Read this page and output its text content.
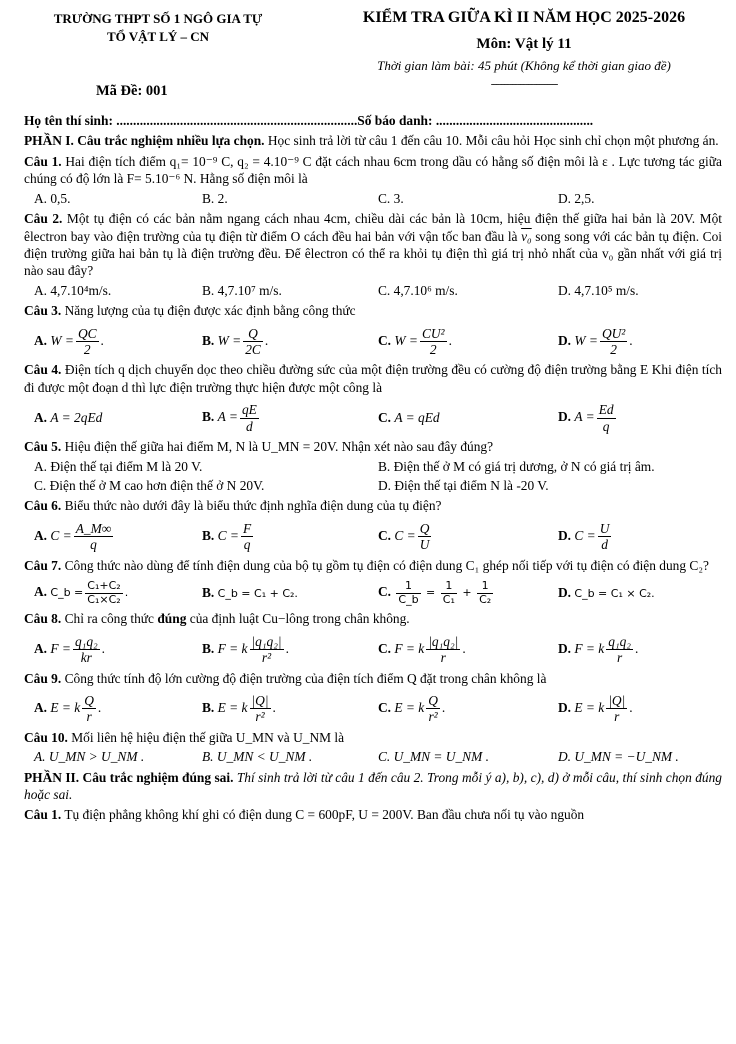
TRƯỜNG THPT SỐ 1 NGÔ GIA TỰ
TỔ VẬT LÝ – CN
Mã Đề: 001
KIỂM TRA GIỮA KÌ II NĂM HỌC 2025-2026
Môn: Vật lý 11
Thời gian làm bài: 45 phút (Không kể thời gian giao đề)
-------------------------
Họ tên thí sinh: ........................................................................Số báo danh: ...............................................

PHẦN I. Câu trắc nghiệm nhiều lựa chọn. Học sinh trả lời từ câu 1 đến câu 10. Mỗi câu hỏi Học sinh chỉ chọn một phương án.

Câu 1. Hai điện tích điểm q₁= 10⁻⁹ C, q₂ = 4.10⁻⁹ C đặt cách nhau 6cm trong dầu có hằng số điện môi là ε . Lực tương tác giữa chúng có độ lớn là F= 5.10⁻⁶ N. Hằng số điện môi là

A. 0,5.	B. 2.	C. 3.	D. 2,5.

Câu 2. Một tụ điện có các bản nằm ngang cách nhau 4cm, chiều dài các bản là 10cm, hiệu điện thế giữa hai bản là 20V. Một êlectron bay vào điện trường của tụ điện từ điểm O cách đều hai bản với vận tốc ban đầu là v₀ song song với các bản tụ điện. Coi điện trường giữa hai bản tụ là điện trường đều. Để êlectron có thể ra khỏi tụ điện thì giá trị nhỏ nhất của v₀ gần nhất với giá trị nào sau đây?

A. 4,7.10⁴m/s.	B. 4,7.10⁷ m/s.	C. 4,7.10⁶ m/s.	D. 4,7.10⁵ m/s.

Câu 3. Năng lượng của tụ điện được xác định bằng công thức

A. $W = \frac{QC}{2}$ .	B. $W = \frac{Q}{2C}$ .	C. $W = \frac{\text{CU²}}{2}$ .	D. $W = \frac{\text{QU²}}{2}$ .

Câu 4. Điện tích q dịch chuyển dọc theo chiều đường sức của một điện trường đều có cường độ điện trường bằng E Khi điện tích đi được một đoạn d thì lực điện trường thực hiện được một công là

A. A = 2qEd	B. $A = \frac{qE}{d}$	C. A = qEd	D. $A = \frac{Ed}{q}$

Câu 5. Hiệu điện thế giữa hai điểm M, N là U_MN = 20V. Nhận xét nào sau đây đúng?

A. Điện thế tại điểm M là 20 V.	B. Điện thế ở M có giá trị dương, ở N có giá trị âm.
C. Điện thế ở M cao hơn điện thế ở N 20V.	D. Điện thế tại điểm N là -20 V.

Câu 6. Biểu thức nào dưới đây là biểu thức định nghĩa điện dung của tụ điện?

A. $C = \frac{A\_M\infty}{q}$	B. $C = \frac{F}{q}$	C. $C = \frac{Q}{U}$	D. $C = \frac{U}{d}$

Câu 7. Công thức nào dùng để tính điện dung của bộ tụ gồm tụ điện có điện dung C₁ ghép nối tiếp với tụ điện có điện dung C₂?

A. C_b = $\frac{\text{C₁+C₂}}{\text{C₁×C₂}}$ .	B. C_b = C₁ + C₂.	C. $\frac{1}{C\_b} = \frac{1}{\text{C₁}} + \frac{1}{\text{C₂}}$	D. C_b = C₁ × C₂.

Câu 8. Chỉ ra công thức đúng của định luật Cu−lông trong chân không.

A. $F = \frac{\text{q₁q₂}}{kr}$ .	B. F = k $\frac{\text{|q₁q₂|}}{\text{r²}}$ .	C. F = k $\frac{\text{|q₁q₂|}}{r}$ .	D. F = k $\frac{\text{q₁q₂}}{r}$ .

Câu 9. Công thức tính độ lớn cường độ điện trường của điện tích điểm Q đặt trong chân không là

A. E = k $\frac{Q}{r}$ .	B. E = k $\frac{|Q|}{\text{r²}}$ .	C. E = k $\frac{Q}{\text{r²}}$ .	D. E = k $\frac{|Q|}{r}$ .

Câu 10. Mối liên hệ hiệu điện thế giữa U_MN và U_NM là

A. U_MN > U_NM .	B. U_MN < U_NM .	C. U_MN = U_NM .	D. U_MN = −U_NM .

PHẦN II. Câu trắc nghiệm đúng sai. Thí sinh trả lời từ câu 1 đến câu 2. Trong mỗi ý a), b), c), d) ở mỗi câu, thí sinh chọn đúng hoặc sai.

Câu 1. Tụ điện phẳng không khí ghi có điện dung C = 600pF, U = 200V. Ban đầu chưa nối tụ vào nguồn
